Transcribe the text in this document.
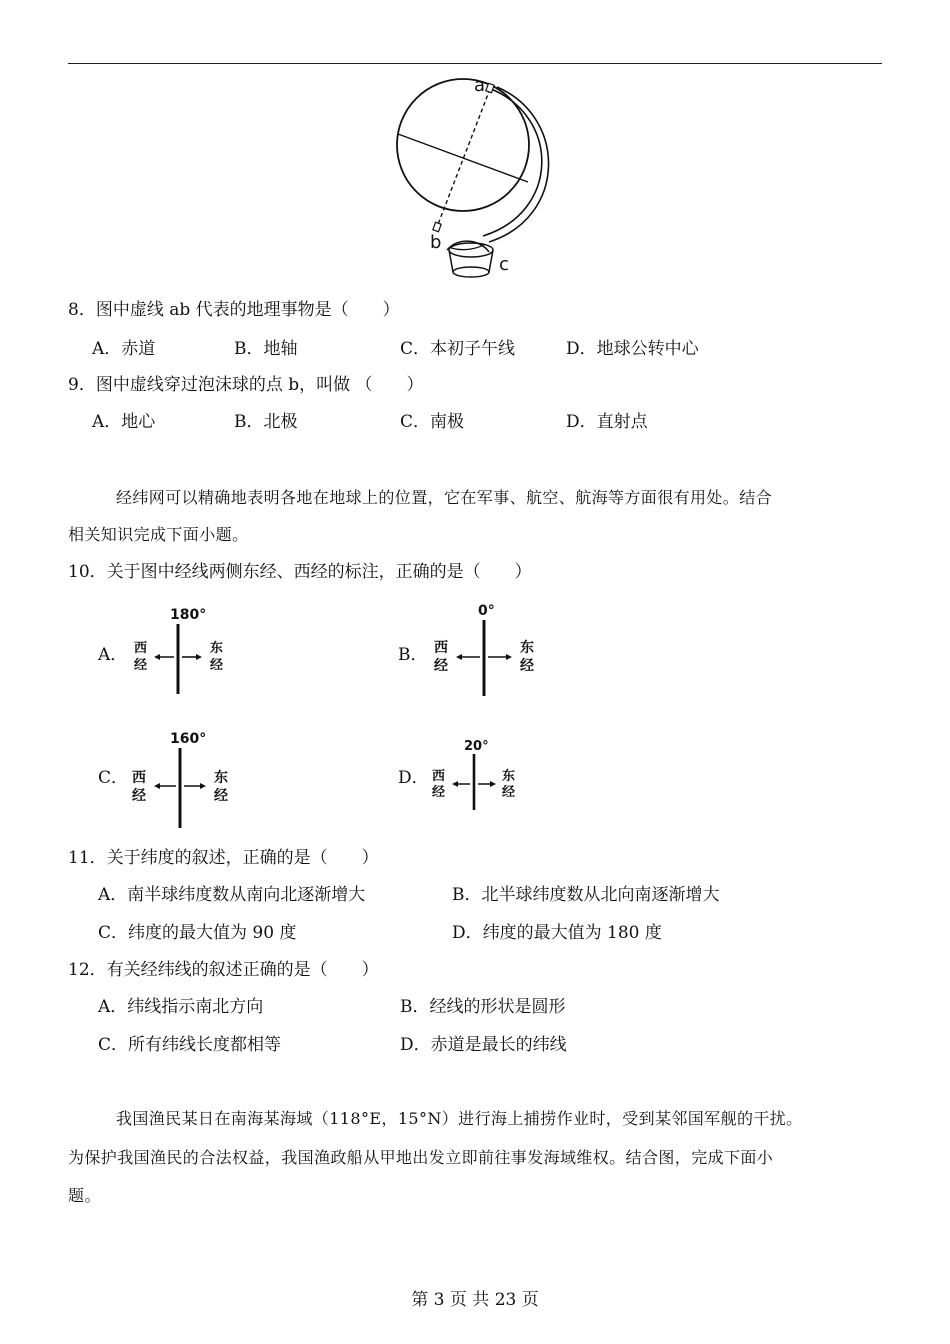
a
b
c
8．图中虚线 ab 代表的地理事物是（　　）
A．赤道	B．地轴	C．本初子午线	D．地球公转中心
9．图中虚线穿过泡沫球的点 b，叫做 （　　）
A．地心	B．北极	C．南极	D．直射点
经纬网可以精确地表明各地在地球上的位置，它在军事、航空、航海等方面很有用处。结合
相关知识完成下面小题。
10．关于图中经线两侧东经、西经的标注，正确的是（　　）
A．
180°
西
经
东
经
B．
0°
西
经
东
经
C．
160°
西
经
东
经
D．
20°
西
经
东
经
11．关于纬度的叙述，正确的是（　　）
A．南半球纬度数从南向北逐渐增大	B．北半球纬度数从北向南逐渐增大
C．纬度的最大值为 90 度	D．纬度的最大值为 180 度
12．有关经纬线的叙述正确的是（　　）
A．纬线指示南北方向	B．经线的形状是圆形
C．所有纬线长度都相等	D．赤道是最长的纬线
我国渔民某日在南海某海域（118°E，15°N）进行海上捕捞作业时，受到某邻国军舰的干扰。
为保护我国渔民的合法权益，我国渔政船从甲地出发立即前往事发海域维权。结合图，完成下面小
题。
第 3 页 共 23 页
